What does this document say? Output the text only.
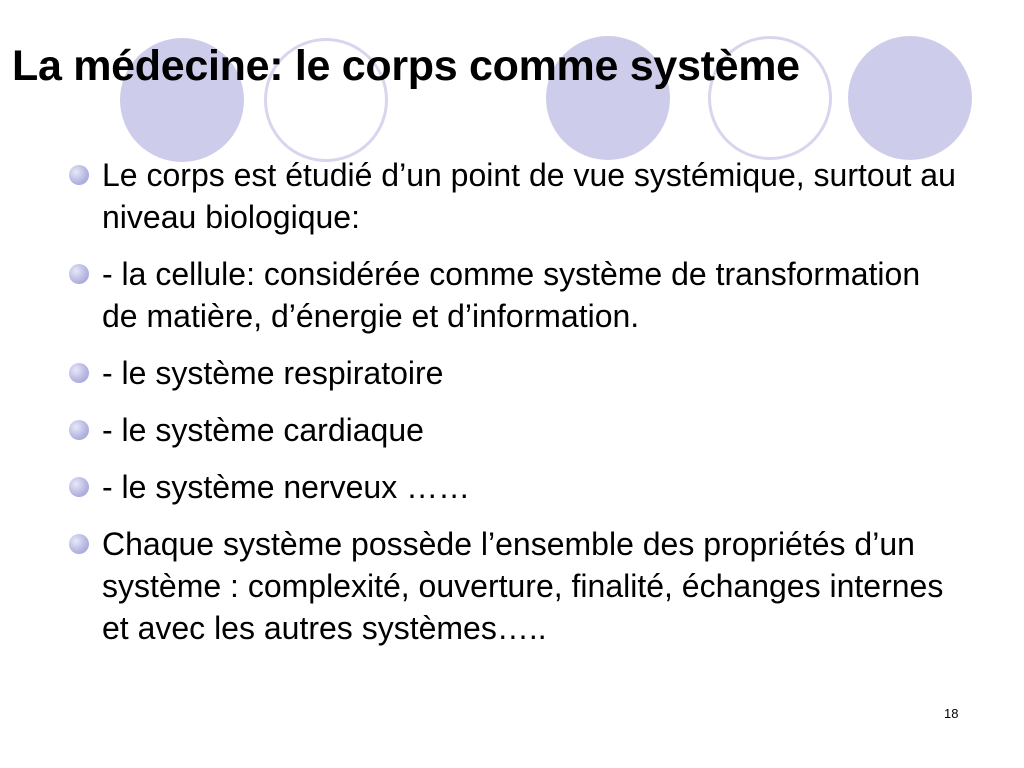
La médecine: le corps comme système
Le corps est étudié d’un point de vue systémique, surtout au niveau biologique:
- la cellule: considérée comme système de transformation de matière, d’énergie et d’information.
- le système respiratoire
- le système cardiaque
- le système nerveux ……
Chaque système possède l’ensemble des propriétés d’un système : complexité, ouverture, finalité, échanges internes et avec les autres systèmes…..
18
